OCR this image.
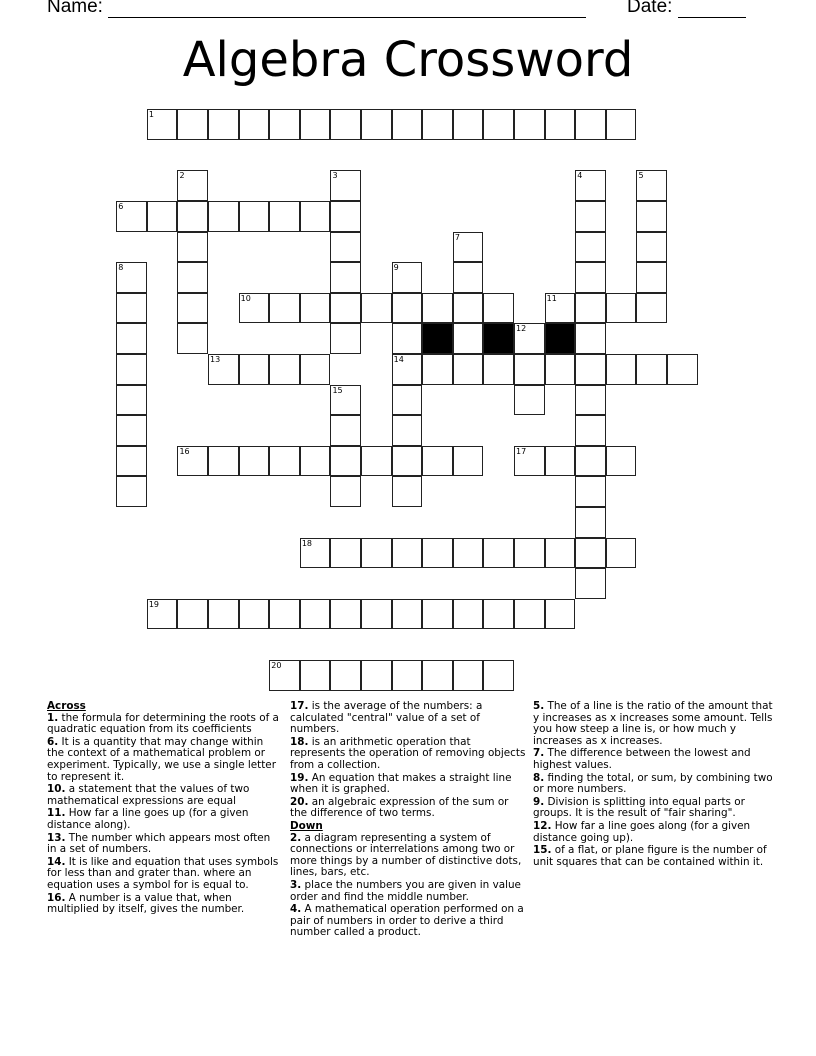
Name:	Date:
Algebra Crossword
1
2	3	4	5
6
7
8	9
14
10	11
12
13
15
16	17
18
19
20
Across
1. the formula for determining the roots of a quadratic equation from its coefficients
6. It is a quantity that may change within the context of a mathematical problem or experiment. Typically, we use a single letter to represent it.
10. a statement that the values of two mathematical expressions are equal
11. How far a line goes up (for a given distance along).
13. The number which appears most often in a set of numbers.
14. It is like and equation that uses symbols for less than and grater than. where an equation uses a symbol for is equal to.
16. A number is a value that, when multiplied by itself, gives the number.
17. is the average of the numbers: a calculated "central" value of a set of numbers.
18. is an arithmetic operation that represents the operation of removing objects from a collection.
19. An equation that makes a straight line when it is graphed.
20. an algebraic expression of the sum or the difference of two terms.
Down
2. a diagram representing a system of connections or interrelations among two or more things by a number of distinctive dots, lines, bars, etc.
3. place the numbers you are given in value order and find the middle number.
4. A mathematical operation performed on a pair of numbers in order to derive a third number called a product.
5. The of a line is the ratio of the amount that y increases as x increases some amount. Tells you how steep a line is, or how much y increases as x increases.
7. The difference between the lowest and highest values.
8. finding the total, or sum, by combining two or more numbers.
9. Division is splitting into equal parts or groups. It is the result of "fair sharing".
12. How far a line goes along (for a given distance going up).
15. of a flat, or plane figure is the number of unit squares that can be contained within it.
